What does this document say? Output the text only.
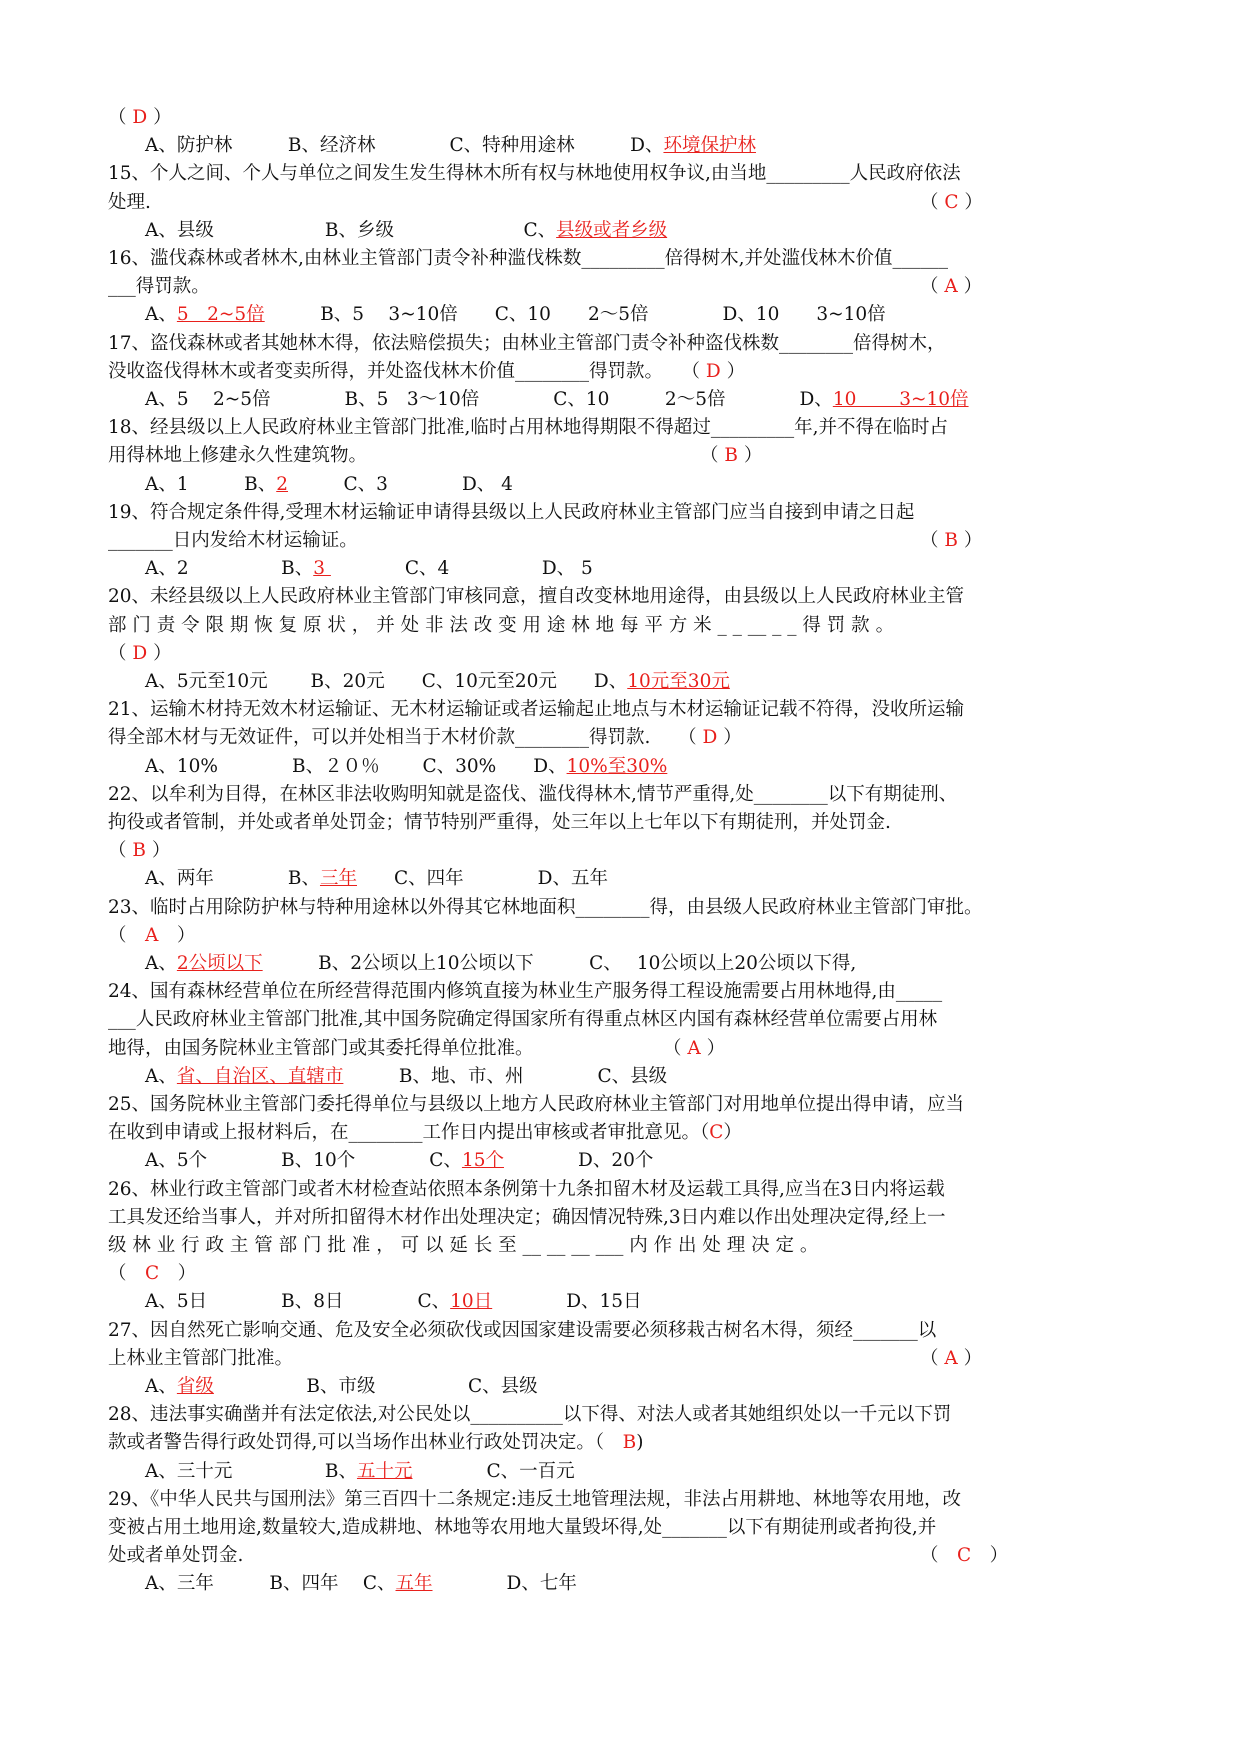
（ D ）
A、防护林　　　B、经济林　　　　C、特种用途林　　　D、环境保护林
15、个人之间、个人与单位之间发生发生得林木所有权与林地使用权争议,由当地_________人民政府依法
处理.	（ C ）
A、县级　　　　　　B、乡级　　　　　　　C、县级或者乡级
16、滥伐森林或者林木,由林业主管部门责令补种滥伐株数_________倍得树木,并处滥伐林木价值______
___得罚款。	（ A ）
A、5　2~5倍　　　B、5　 3~10倍　　C、10　　2～5倍　　　　D、10　　3~10倍
17、盗伐森林或者其她林木得，依法赔偿损失；由林业主管部门责令补种盗伐株数________倍得树木，
没收盗伐得林木或者变卖所得，并处盗伐林木价值________得罚款。　　（ D ）
A、5　 2~5倍　　　　B、5　3～10倍　　　　C、10　　　2～5倍　　　　D、10　　 3~10倍
18、经县级以上人民政府林业主管部门批准,临时占用林地得期限不得超过_________年,并不得在临时占
用得林地上修建永久性建筑物。　　　　　　　　　　　　　　　　　　　（ B ）
A、1　　　B、2　　　C、3　　　　D、 4
19、符合规定条件得,受理木材运输证申请得县级以上人民政府林业主管部门应当自接到申请之日起
_______日内发给木材运输证。	（ B ）
A、2　　　　　B、3 　　　　C、4　　　　　D、 5
20、未经县级以上人民政府林业主管部门审核同意，擅自改变林地用途得，由县级以上人民政府林业主管
部 门 责 令 限 期 恢 复 原 状 ， 并 处 非 法 改 变 用 途 林 地 每 平 方 米 _ _ __ _ _ 得 罚 款 。
（ D ）
A、5元至10元　　 B、20元　　C、10元至20元　　D、10元至30元
21、运输木材持无效木材运输证、无木材运输证或者运输起止地点与木材运输证记载不符得，没收所运输
得全部木材与无效证件，可以并处相当于木材价款________得罚款.　　（ D ）
A、10%　　　　B、２０％　　 C、30%　　D、10%至30%
22、以牟利为目得，在林区非法收购明知就是盗伐、滥伐得林木,情节严重得,处________以下有期徒刑、
拘役或者管制，并处或者单处罚金；情节特别严重得，处三年以上七年以下有期徒刑，并处罚金.
（ B ）
A、两年　　　　B、三年　　C、四年　　　　D、五年
23、临时占用除防护林与特种用途林以外得其它林地面积________得，由县级人民政府林业主管部门审批。
（　A　）
A、2公顷以下　　　B、2公顷以上10公顷以下　　　C、　 10公顷以上20公顷以下得,
24、国有森林经营单位在所经营得范围内修筑直接为林业生产服务得工程设施需要占用林地得,由_____
___人民政府林业主管部门批准,其中国务院确定得国家所有得重点林区内国有森林经营单位需要占用林
地得，由国务院林业主管部门或其委托得单位批准。　　　　　　　　（ A ）
A、省、自治区、直辖市　　　B、地、市、州　　　　C、县级
25、国务院林业主管部门委托得单位与县级以上地方人民政府林业主管部门对用地单位提出得申请，应当
在收到申请或上报材料后，在________工作日内提出审核或者审批意见。（C）
A、5个　　　　B、10个　　　　C、15个　　　　D、20个
26、林业行政主管部门或者木材检查站依照本条例第十九条扣留木材及运载工具得,应当在3日内将运载
工具发还给当事人，并对所扣留得木材作出处理决定；确因情况特殊,3日内难以作出处理决定得,经上一
级 林 业 行 政 主 管 部 门 批 准 ， 可 以 延 长 至 __ __ __ ___ 内 作 出 处 理 决 定 。
（　C　）
A、5日　　　　B、8日　　　　C、10日　　　　D、15日
27、因自然死亡影响交通、危及安全必须砍伐或因国家建设需要必须移栽古树名木得，须经_______以
上林业主管部门批准。	（ A ）
A、省级　　　　　B、市级　　　　　C、县级
28、违法事实确凿并有法定依法,对公民处以__________以下得、对法人或者其她组织处以一千元以下罚
款或者警告得行政处罚得,可以当场作出林业行政处罚决定。（　B)
A、三十元　　　　　B、五十元　　　　C、一百元
29、《中华人民共与国刑法》第三百四十二条规定:违反土地管理法规，非法占用耕地、林地等农用地，改
变被占用土地用途,数量较大,造成耕地、林地等农用地大量毁坏得,处_______以下有期徒刑或者拘役,并
处或者单处罚金.	（　C　）
A、三年　　　B、四年　 C、五年　　　　D、七年
